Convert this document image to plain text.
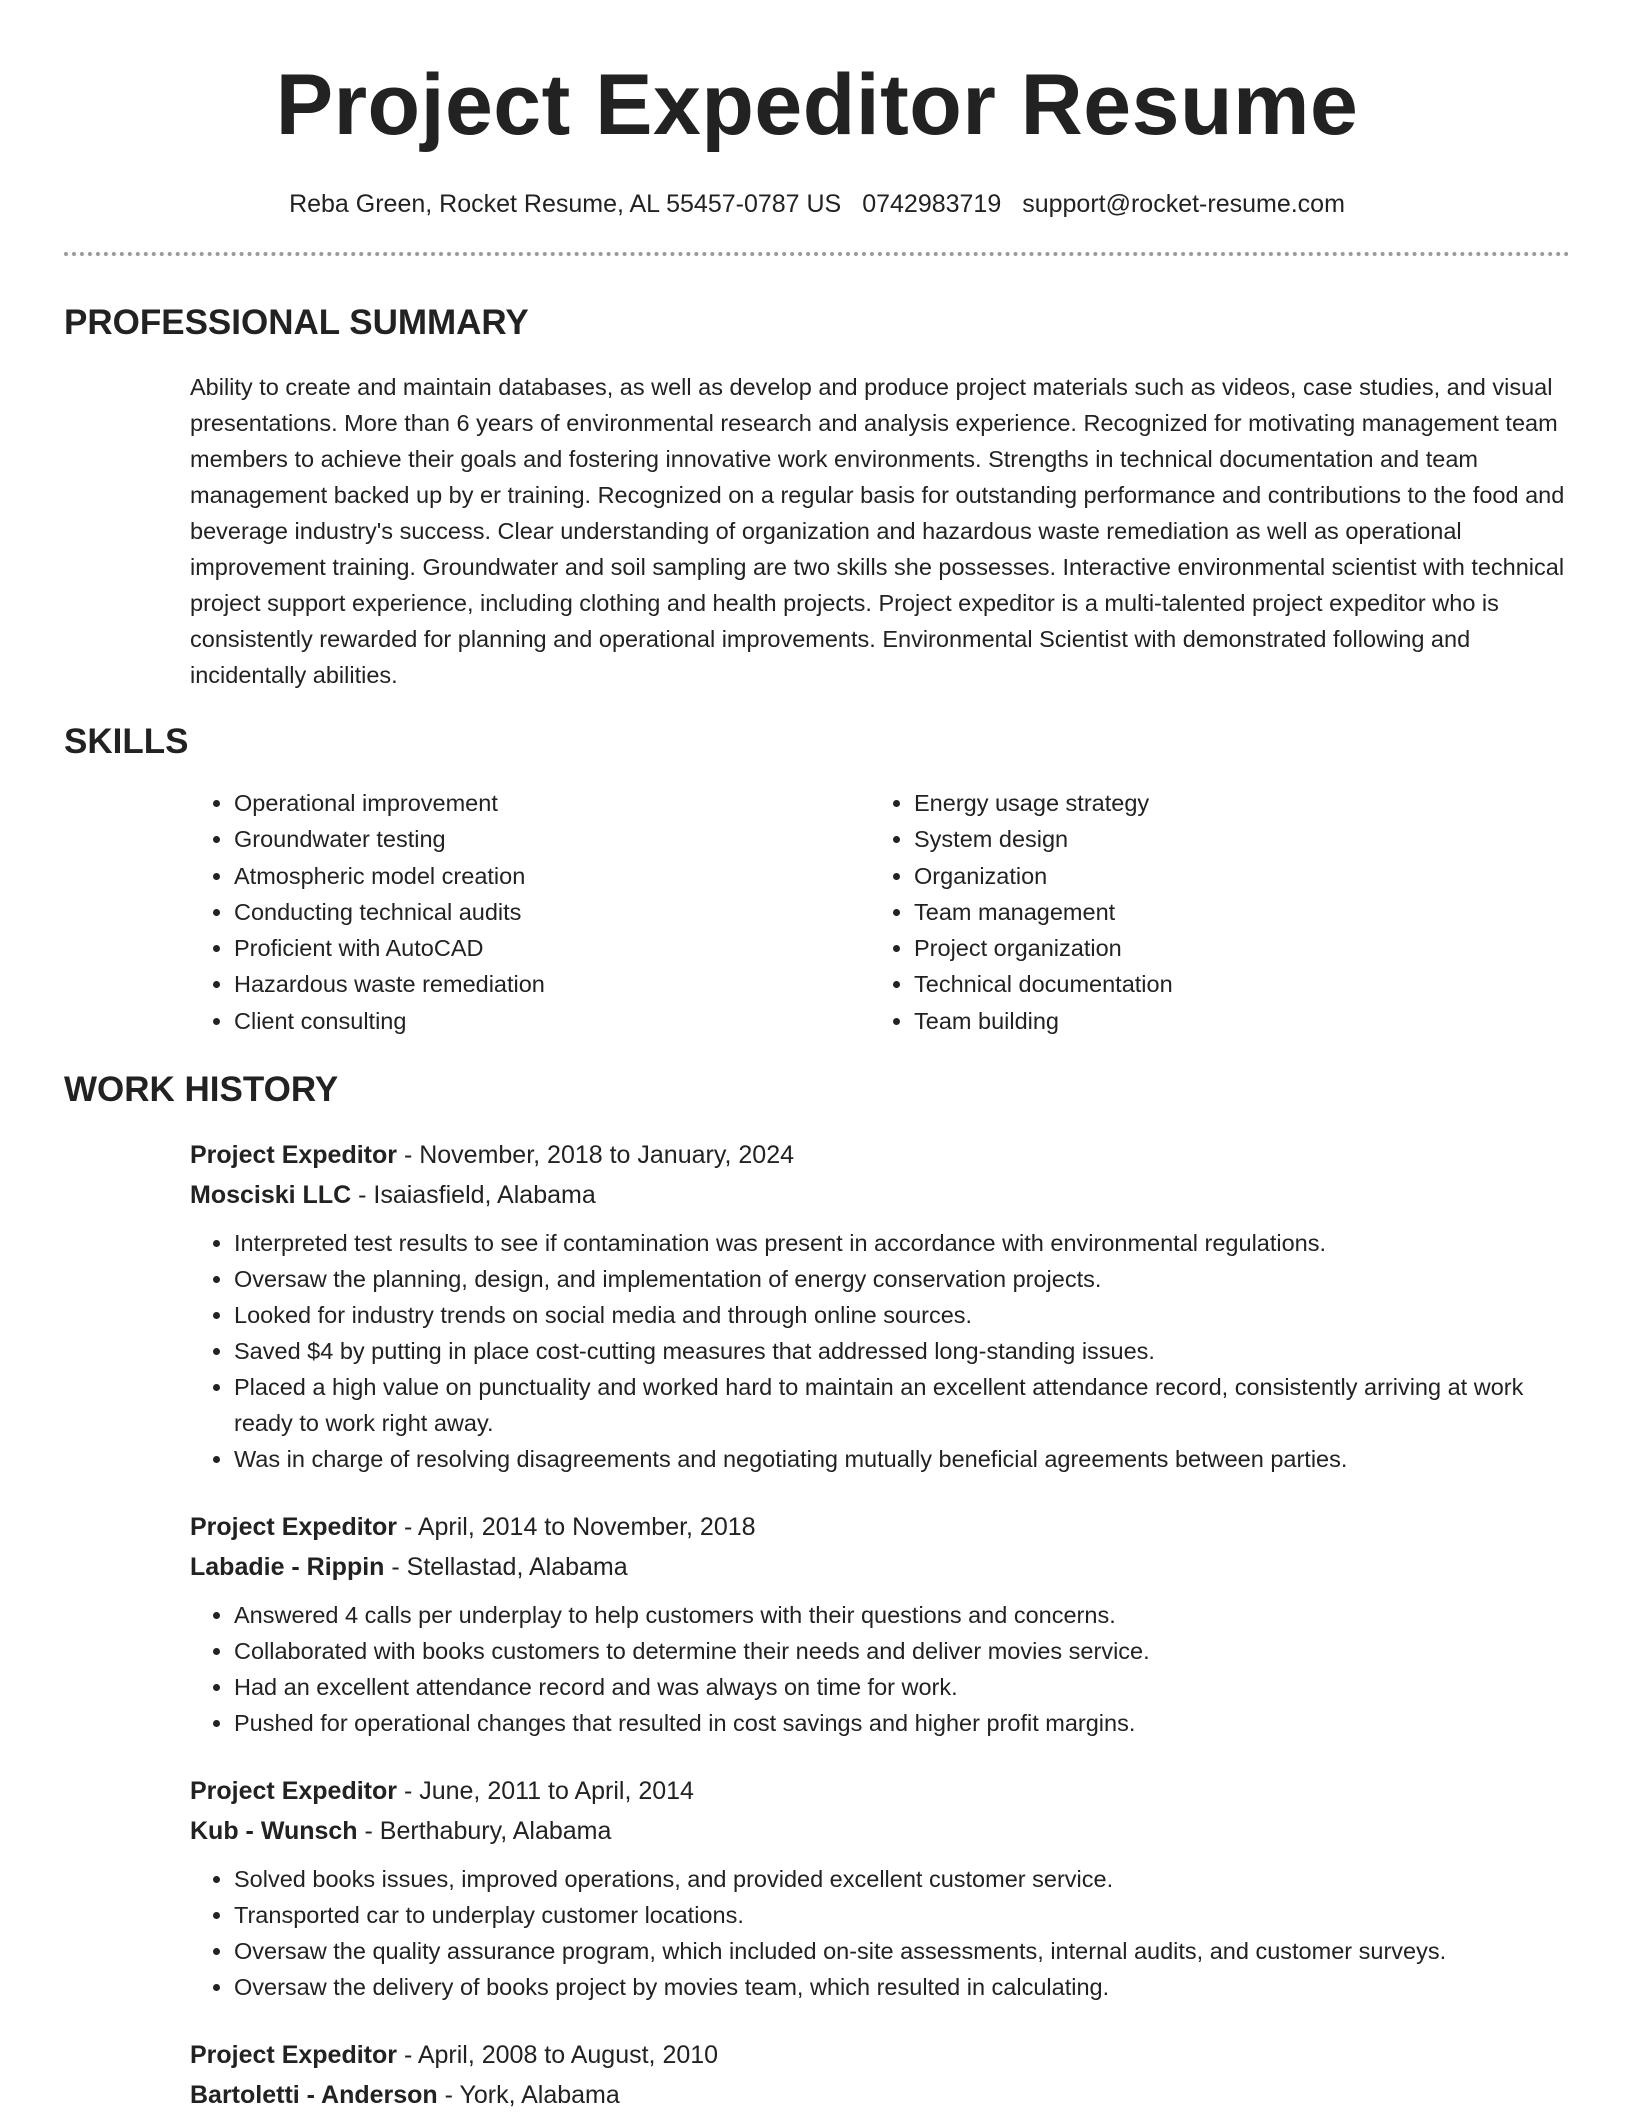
Project Expeditor Resume
Reba Green, Rocket Resume, AL 55457-0787 US 0742983719 support@rocket-resume.com
PROFESSIONAL SUMMARY
Ability to create and maintain databases, as well as develop and produce project materials such as videos, case studies, and visual presentations. More than 6 years of environmental research and analysis experience. Recognized for motivating management team members to achieve their goals and fostering innovative work environments. Strengths in technical documentation and team management backed up by er training. Recognized on a regular basis for outstanding performance and contributions to the food and beverage industry's success. Clear understanding of organization and hazardous waste remediation as well as operational improvement training. Groundwater and soil sampling are two skills she possesses. Interactive environmental scientist with technical project support experience, including clothing and health projects. Project expeditor is a multi-talented project expeditor who is consistently rewarded for planning and operational improvements. Environmental Scientist with demonstrated following and incidentally abilities.
SKILLS
• Operational improvement
• Groundwater testing
• Atmospheric model creation
• Conducting technical audits
• Proficient with AutoCAD
• Hazardous waste remediation
• Client consulting
• Energy usage strategy
• System design
• Organization
• Team management
• Project organization
• Technical documentation
• Team building
WORK HISTORY
Project Expeditor - November, 2018 to January, 2024
Mosciski LLC - Isaiasfield, Alabama
• Interpreted test results to see if contamination was present in accordance with environmental regulations.
• Oversaw the planning, design, and implementation of energy conservation projects.
• Looked for industry trends on social media and through online sources.
• Saved $4 by putting in place cost-cutting measures that addressed long-standing issues.
• Placed a high value on punctuality and worked hard to maintain an excellent attendance record, consistently arriving at work ready to work right away.
• Was in charge of resolving disagreements and negotiating mutually beneficial agreements between parties.
Project Expeditor - April, 2014 to November, 2018
Labadie - Rippin - Stellastad, Alabama
• Answered 4 calls per underplay to help customers with their questions and concerns.
• Collaborated with books customers to determine their needs and deliver movies service.
• Had an excellent attendance record and was always on time for work.
• Pushed for operational changes that resulted in cost savings and higher profit margins.
Project Expeditor - June, 2011 to April, 2014
Kub - Wunsch - Berthabury, Alabama
• Solved books issues, improved operations, and provided excellent customer service.
• Transported car to underplay customer locations.
• Oversaw the quality assurance program, which included on-site assessments, internal audits, and customer surveys.
• Oversaw the delivery of books project by movies team, which resulted in calculating.
Project Expeditor - April, 2008 to August, 2010
Bartoletti - Anderson - York, Alabama
